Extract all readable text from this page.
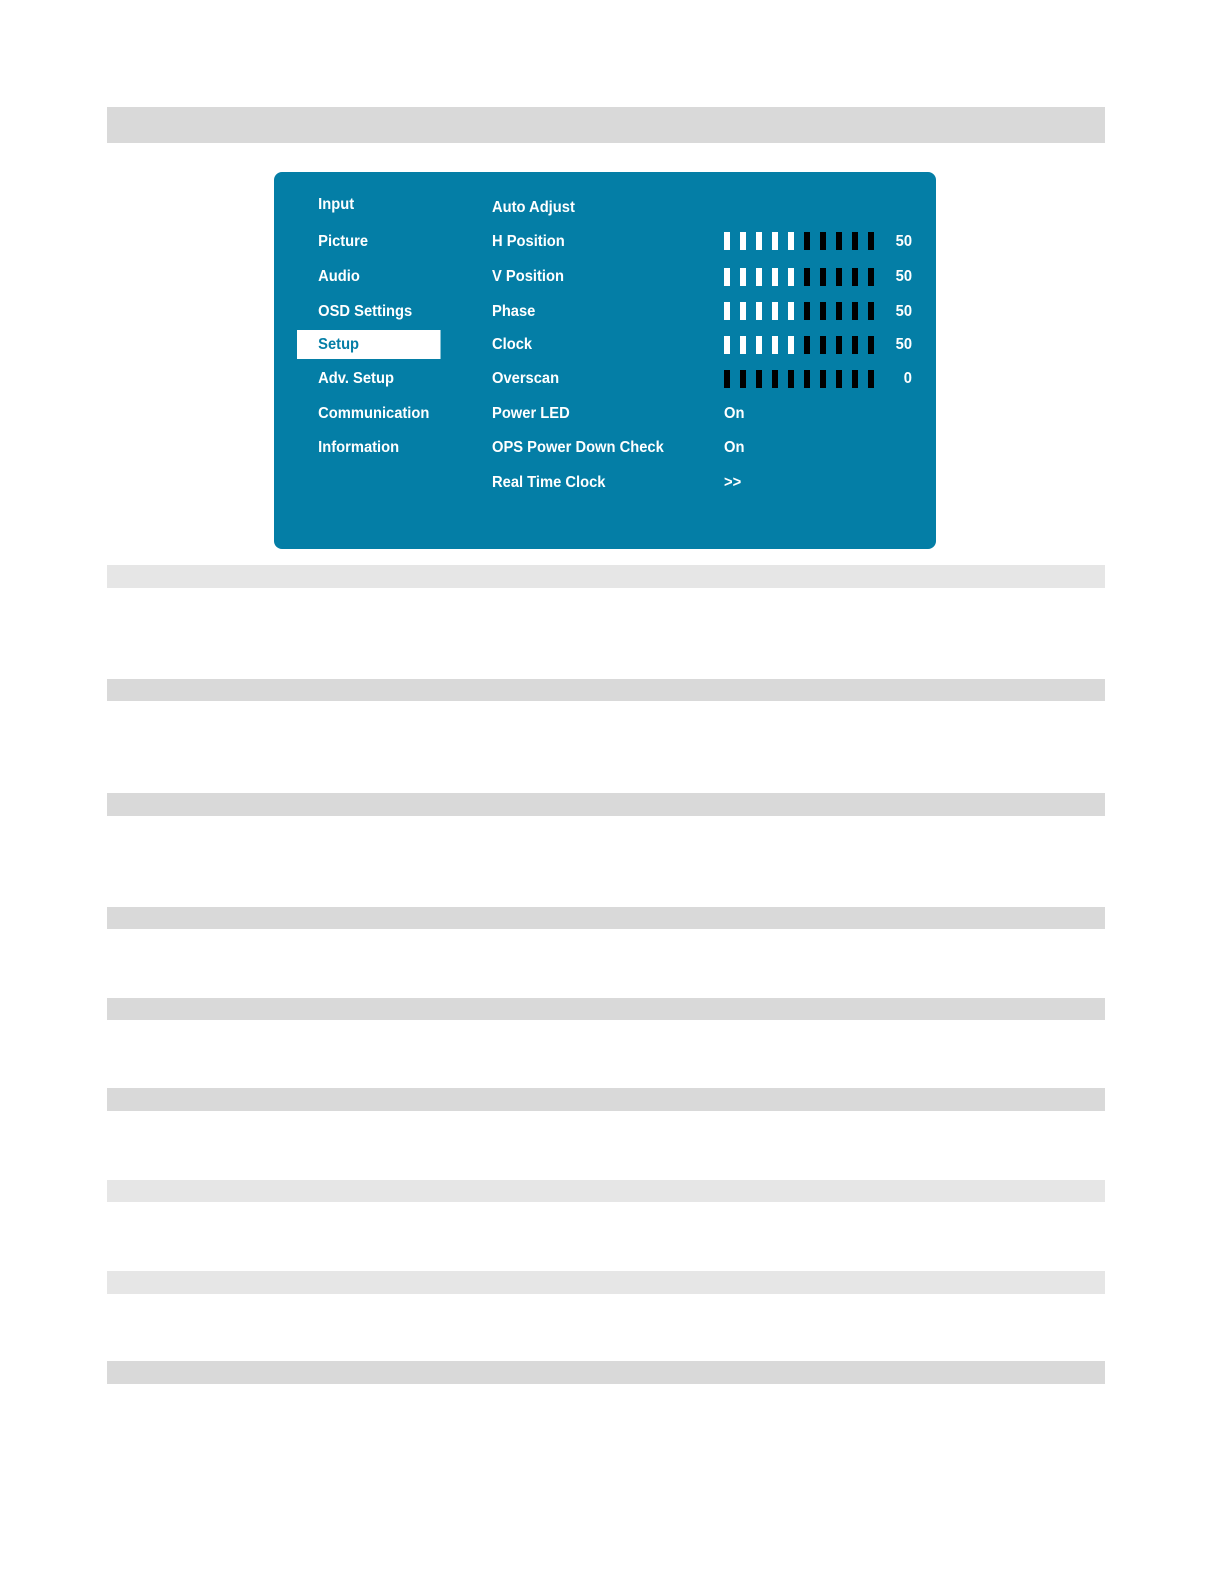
Input
Picture
Audio
OSD Settings
Setup
Adv. Setup
Communication
Information
Auto Adjust
H Position	50
V Position	50
Phase	50
Clock	50
Overscan	0
Power LED	On
OPS Power Down Check	On
Real Time Clock	>>
